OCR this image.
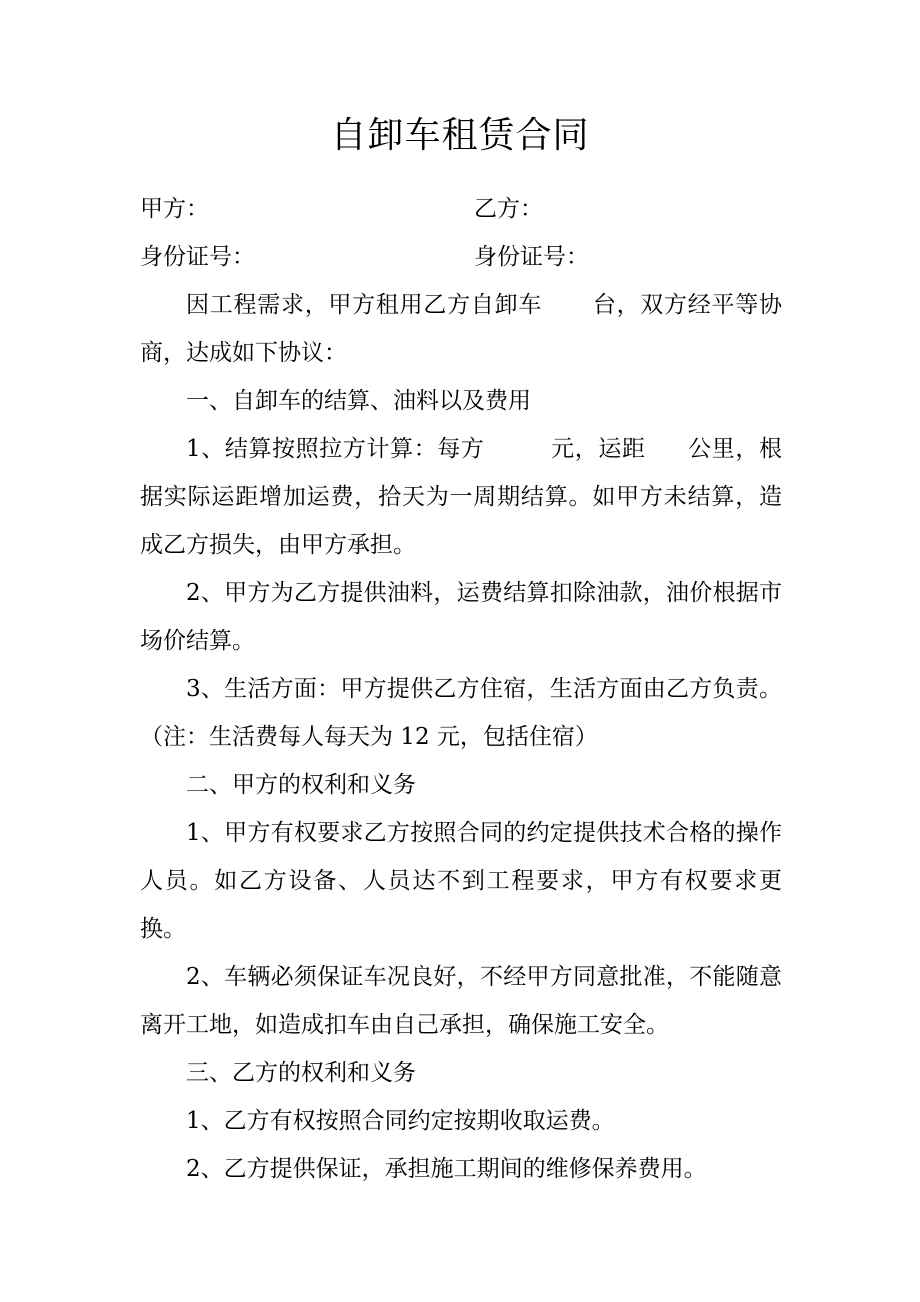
自卸车租赁合同
甲方：	乙方：
身份证号：	身份证号：

因工程需求，甲方租用乙方自卸车 台，双方经平等协商，达成如下协议：

一、自卸车的结算、油料以及费用

1、结算按照拉方计算：每方	元，运距 公里，根据实际运距增加运费，拾天为一周期结算。如甲方未结算，造成乙方损失，由甲方承担。

2、甲方为乙方提供油料，运费结算扣除油款，油价根据市场价结算。

3、生活方面：甲方提供乙方住宿，生活方面由乙方负责。（注：生活费每人每天为 12 元，包括住宿）

二、甲方的权利和义务

1、甲方有权要求乙方按照合同的约定提供技术合格的操作人员。如乙方设备、人员达不到工程要求，甲方有权要求更换。

2、车辆必须保证车况良好，不经甲方同意批准，不能随意离开工地，如造成扣车由自己承担，确保施工安全。

三、乙方的权利和义务

1、乙方有权按照合同约定按期收取运费。

2、乙方提供保证，承担施工期间的维修保养费用。
